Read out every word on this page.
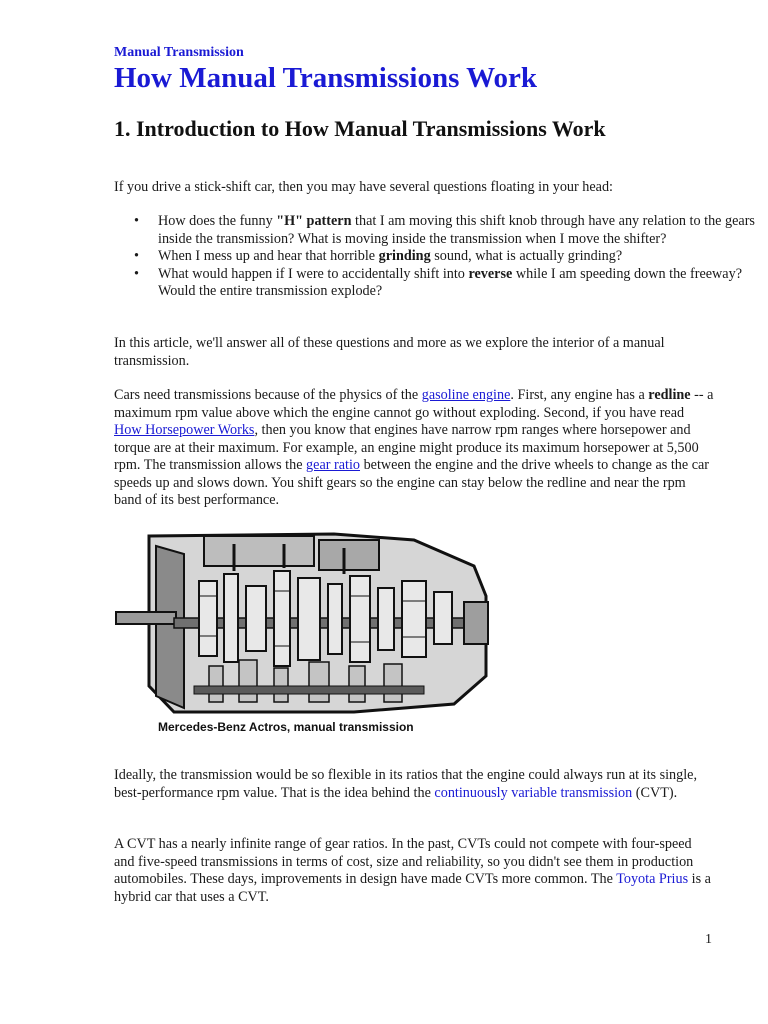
Manual Transmission
How Manual Transmissions Work
1. Introduction to How Manual Transmissions Work

If you drive a stick-shift car, then you may have several questions floating in your head:

• How does the funny "H" pattern that I am moving this shift knob through have any relation to the gears inside the transmission? What is moving inside the transmission when I move the shifter?
• When I mess up and hear that horrible grinding sound, what is actually grinding?
• What would happen if I were to accidentally shift into reverse while I am speeding down the freeway? Would the entire transmission explode?

In this article, we'll answer all of these questions and more as we explore the interior of a manual transmission.

Cars need transmissions because of the physics of the gasoline engine. First, any engine has a redline -- a maximum rpm value above which the engine cannot go without exploding. Second, if you have read How Horsepower Works, then you know that engines have narrow rpm ranges where horsepower and torque are at their maximum. For example, an engine might produce its maximum horsepower at 5,500 rpm. The transmission allows the gear ratio between the engine and the drive wheels to change as the car speeds up and slows down. You shift gears so the engine can stay below the redline and near the rpm band of its best performance.

Mercedes-Benz Actros, manual transmission

Ideally, the transmission would be so flexible in its ratios that the engine could always run at its single, best-performance rpm value. That is the idea behind the continuously variable transmission (CVT).

A CVT has a nearly infinite range of gear ratios. In the past, CVTs could not compete with four-speed and five-speed transmissions in terms of cost, size and reliability, so you didn't see them in production automobiles. These days, improvements in design have made CVTs more common. The Toyota Prius is a hybrid car that uses a CVT.

1
